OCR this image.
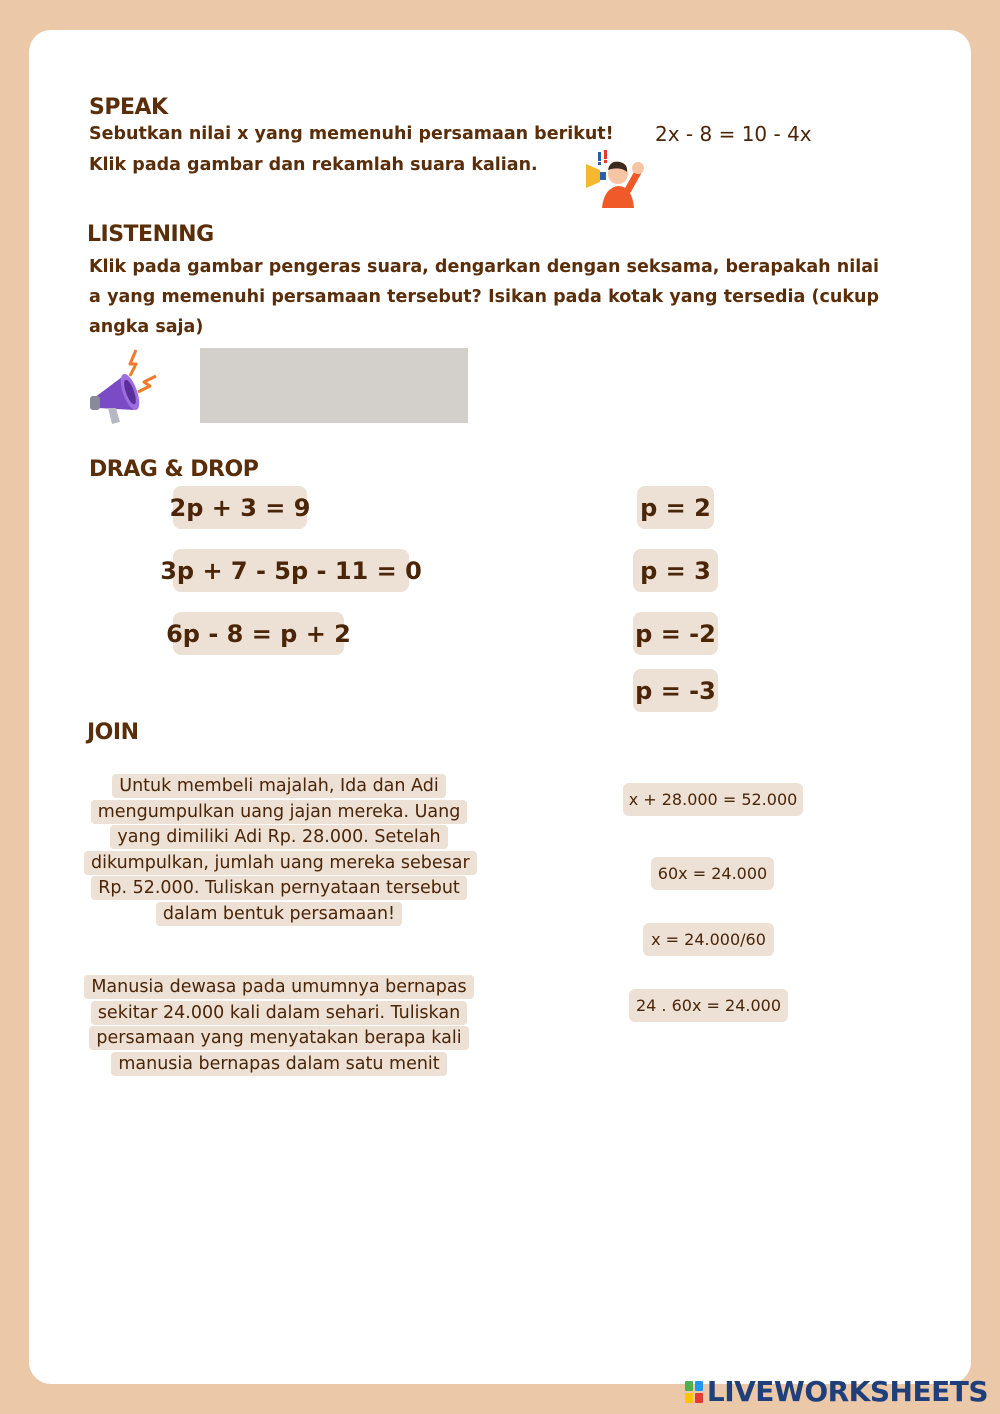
SPEAK
Sebutkan nilai x yang memenuhi persamaan berikut! 2x - 8 = 10 - 4x
Klik pada gambar dan rekamlah suara kalian.
LISTENING
Klik pada gambar pengeras suara, dengarkan dengan seksama, berapakah nilai a yang memenuhi persamaan tersebut? Isikan pada kotak yang tersedia (cukup angka saja)
DRAG & DROP
2p + 3 = 9
3p + 7 - 5p - 11 = 0
6p - 8 = p + 2
p = 2
p = 3
p = -2
p = -3
JOIN
Untuk membeli majalah, Ida dan Adi mengumpulkan uang jajan mereka. Uang yang dimiliki Adi Rp. 28.000. Setelah dikumpulkan, jumlah uang mereka sebesar Rp. 52.000. Tuliskan pernyataan tersebut dalam bentuk persamaan!
Manusia dewasa pada umumnya bernapas sekitar 24.000 kali dalam sehari. Tuliskan persamaan yang menyatakan berapa kali manusia bernapas dalam satu menit
x + 28.000 = 52.000
60x = 24.000
x = 24.000/60
24 . 60x = 24.000
LIVEWORKSHEETS
